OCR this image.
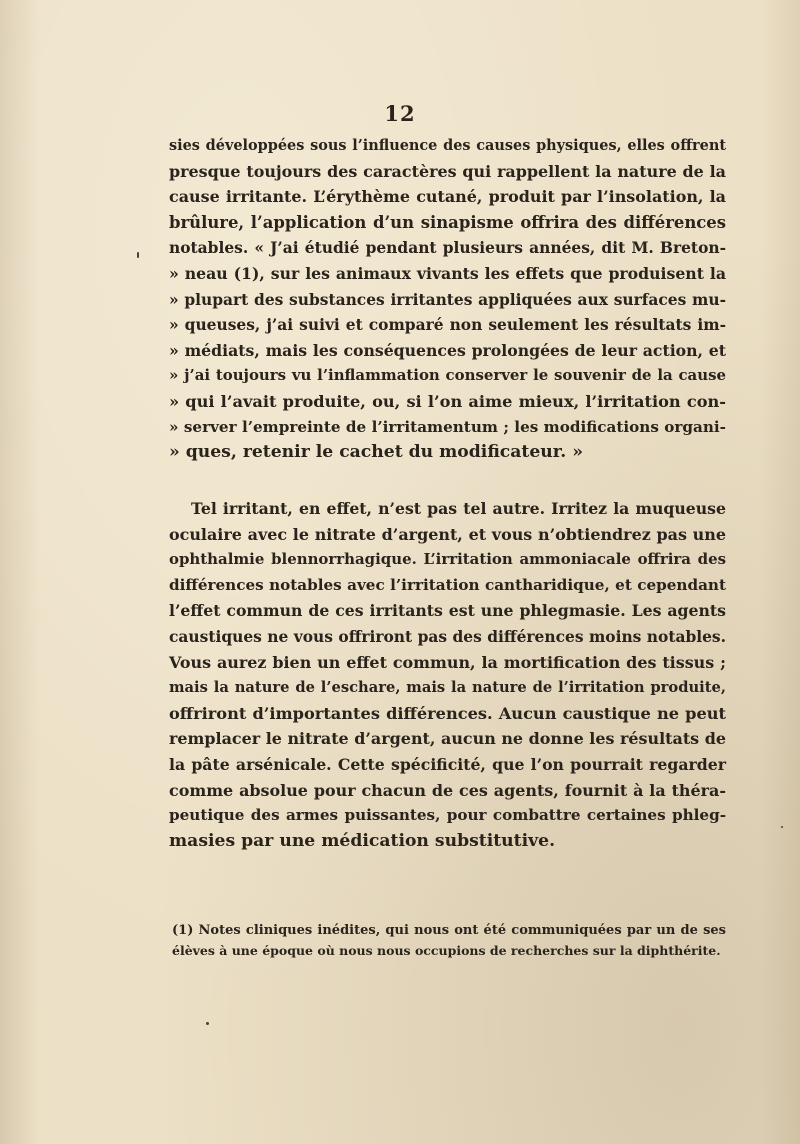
12
sies développées sous l’influence des causes physiques, elles offrent
presque toujours des caractères qui rappellent la nature de la
cause irritante. L’érythème cutané, produit par l’insolation, la
brûlure, l’application d’un sinapisme offrira des différences
notables. « J’ai étudié pendant plusieurs années, dit M. Breton-
» neau (1), sur les animaux vivants les effets que produisent la
» plupart des substances irritantes appliquées aux surfaces mu-
» queuses, j’ai suivi et comparé non seulement les résultats im-
» médiats, mais les conséquences prolongées de leur action, et
» j’ai toujours vu l’inflammation conserver le souvenir de la cause
» qui l’avait produite, ou, si l’on aime mieux, l’irritation con-
» server l’empreinte de l’irritamentum ; les modifications organi-
» ques, retenir le cachet du modificateur. »
Tel irritant, en effet, n’est pas tel autre. Irritez la muqueuse
oculaire avec le nitrate d’argent, et vous n’obtiendrez pas une
ophthalmie blennorrhagique. L’irritation ammoniacale offrira des
différences notables avec l’irritation cantharidique, et cependant
l’effet commun de ces irritants est une phlegmasie. Les agents
caustiques ne vous offriront pas des différences moins notables.
Vous aurez bien un effet commun, la mortification des tissus ;
mais la nature de l’eschare, mais la nature de l’irritation produite,
offriront d’importantes différences. Aucun caustique ne peut
remplacer le nitrate d’argent, aucun ne donne les résultats de
la pâte arsénicale. Cette spécificité, que l’on pourrait regarder
comme absolue pour chacun de ces agents, fournit à la théra-
peutique des armes puissantes, pour combattre certaines phleg-
masies par une médication substitutive.
(1) Notes cliniques inédites, qui nous ont été communiquées par un de ses
élèves à une époque où nous nous occupions de recherches sur la diphthérite.
